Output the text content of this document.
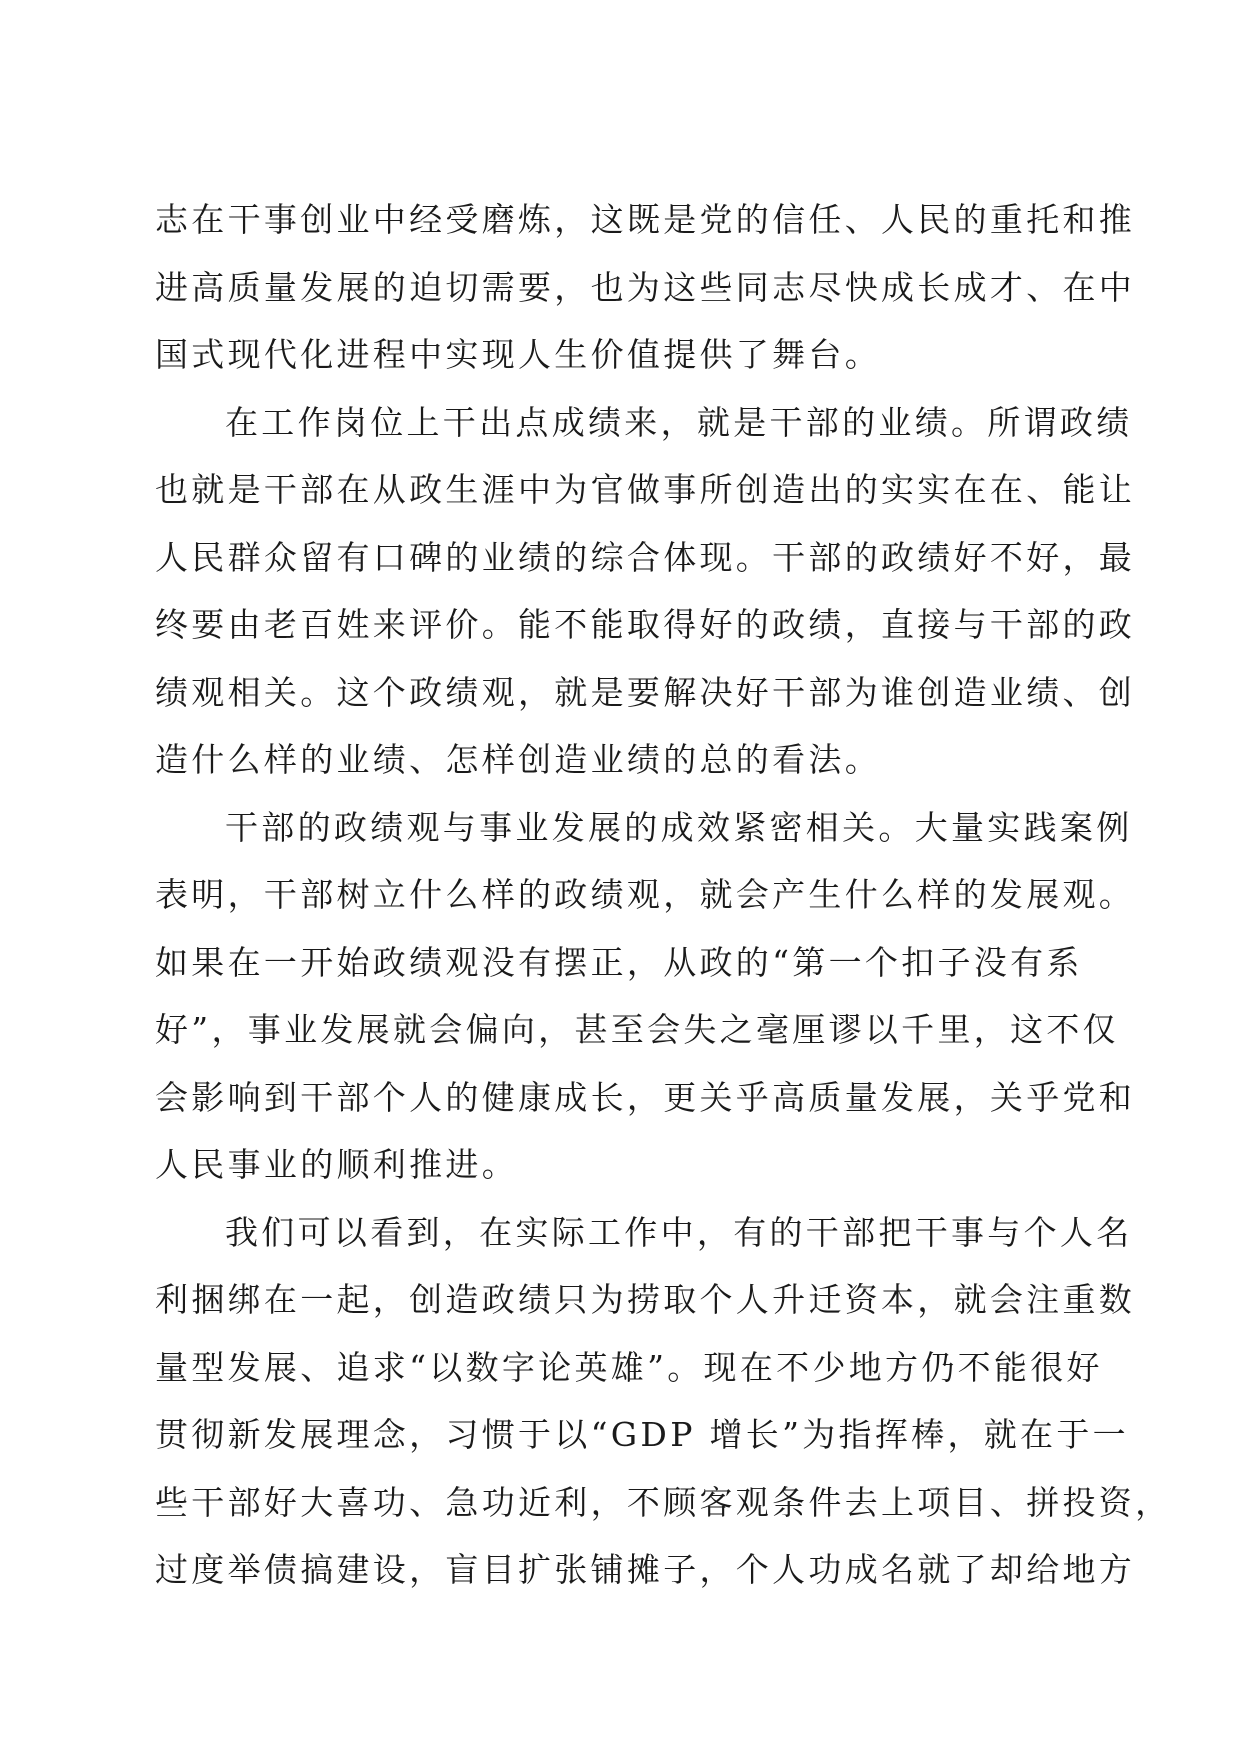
志在干事创业中经受磨炼，这既是党的信任、人民的重托和推
进高质量发展的迫切需要，也为这些同志尽快成长成才、在中
国式现代化进程中实现人生价值提供了舞台。
在工作岗位上干出点成绩来，就是干部的业绩。所谓政绩
也就是干部在从政生涯中为官做事所创造出的实实在在、能让
人民群众留有口碑的业绩的综合体现。干部的政绩好不好，最
终要由老百姓来评价。能不能取得好的政绩，直接与干部的政
绩观相关。这个政绩观，就是要解决好干部为谁创造业绩、创
造什么样的业绩、怎样创造业绩的总的看法。
干部的政绩观与事业发展的成效紧密相关。大量实践案例
表明，干部树立什么样的政绩观，就会产生什么样的发展观。
如果在一开始政绩观没有摆正，从政的“第一个扣子没有系
好”，事业发展就会偏向，甚至会失之毫厘谬以千里，这不仅
会影响到干部个人的健康成长，更关乎高质量发展，关乎党和
人民事业的顺利推进。
我们可以看到，在实际工作中，有的干部把干事与个人名
利捆绑在一起，创造政绩只为捞取个人升迁资本，就会注重数
量型发展、追求“以数字论英雄”。现在不少地方仍不能很好
贯彻新发展理念，习惯于以“GDP 增长”为指挥棒，就在于一
些干部好大喜功、急功近利，不顾客观条件去上项目、拼投资，
过度举债搞建设，盲目扩张铺摊子，个人功成名就了却给地方
